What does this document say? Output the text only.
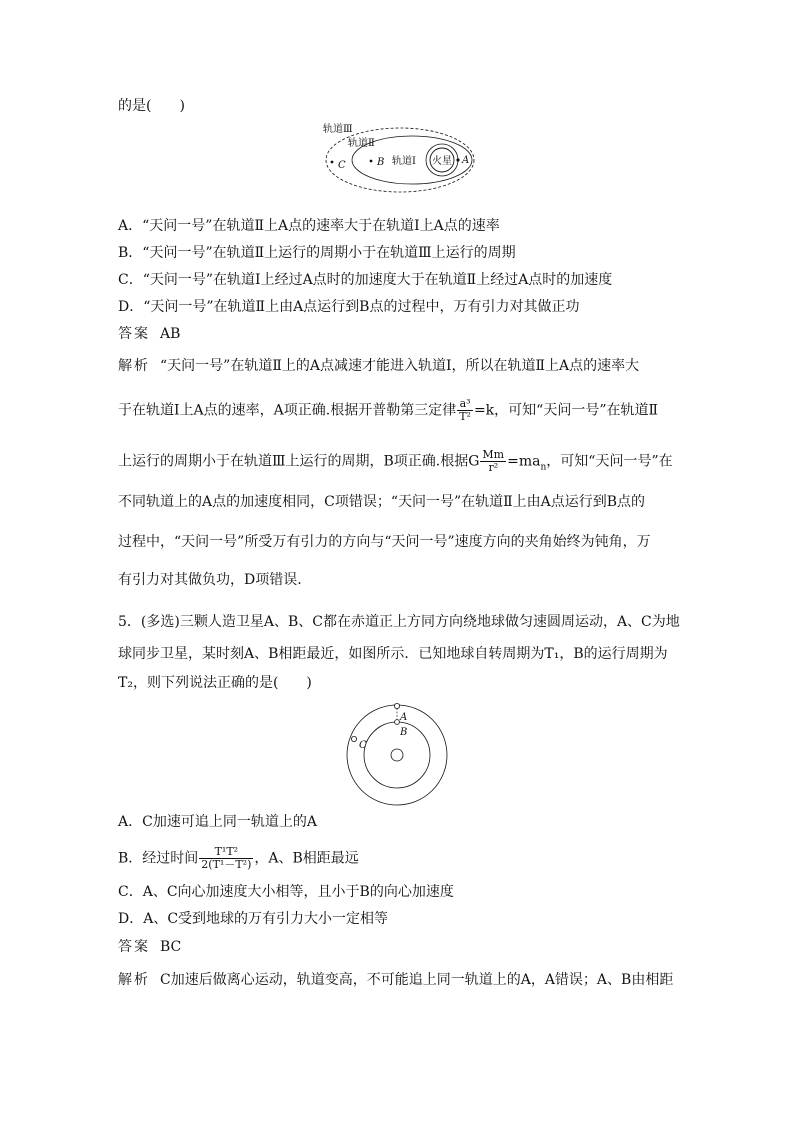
的是(　　)
轨道Ⅲ
轨道Ⅱ
轨道Ⅰ 火星 A
B
C
A．“天问一号”在轨道Ⅱ上A点的速率大于在轨道Ⅰ上A点的速率
B．“天问一号”在轨道Ⅱ上运行的周期小于在轨道Ⅲ上运行的周期
C．“天问一号”在轨道Ⅰ上经过A点时的加速度大于在轨道Ⅱ上经过A点时的加速度
D．“天问一号”在轨道Ⅱ上由A点运行到B点的过程中，万有引力对其做正功
答案 AB
解析 “天问一号”在轨道Ⅱ上的A点减速才能进入轨道Ⅰ，所以在轨道Ⅱ上A点的速率大
于在轨道Ⅰ上A点的速率，A项正确.根据开普勒第三定律 $\frac{\text{a³}}{\text{T²}} =k$，可知“天问一号”在轨道Ⅱ
上运行的周期小于在轨道Ⅲ上运行的周期，B项正确.根据G $\frac{Mm}{\text{r²}} =ma_n$，可知“天问一号”在
不同轨道上的A点的加速度相同，C项错误；“天问一号”在轨道Ⅱ上由A点运行到B点的
过程中，“天问一号”所受万有引力的方向与“天问一号”速度方向的夹角始终为钝角，万
有引力对其做负功，D项错误.
5．(多选)三颗人造卫星A、B、C都在赤道正上方同方向绕地球做匀速圆周运动，A、C为地
球同步卫星，某时刻A、B相距最近，如图所示．已知地球自转周期为T₁，B的运行周期为
T₂，则下列说法正确的是(　　)
A
B
C
A．C加速可追上同一轨道上的A
B．经过时间 $\frac{\text{T¹T²}}{\text{2(T¹－T²)}}$ ，A、B相距最远
C．A、C向心加速度大小相等，且小于B的向心加速度
D．A、C受到地球的万有引力大小一定相等
答案 BC
解析 C加速后做离心运动，轨道变高，不可能追上同一轨道上的A，A错误；A、B由相距
